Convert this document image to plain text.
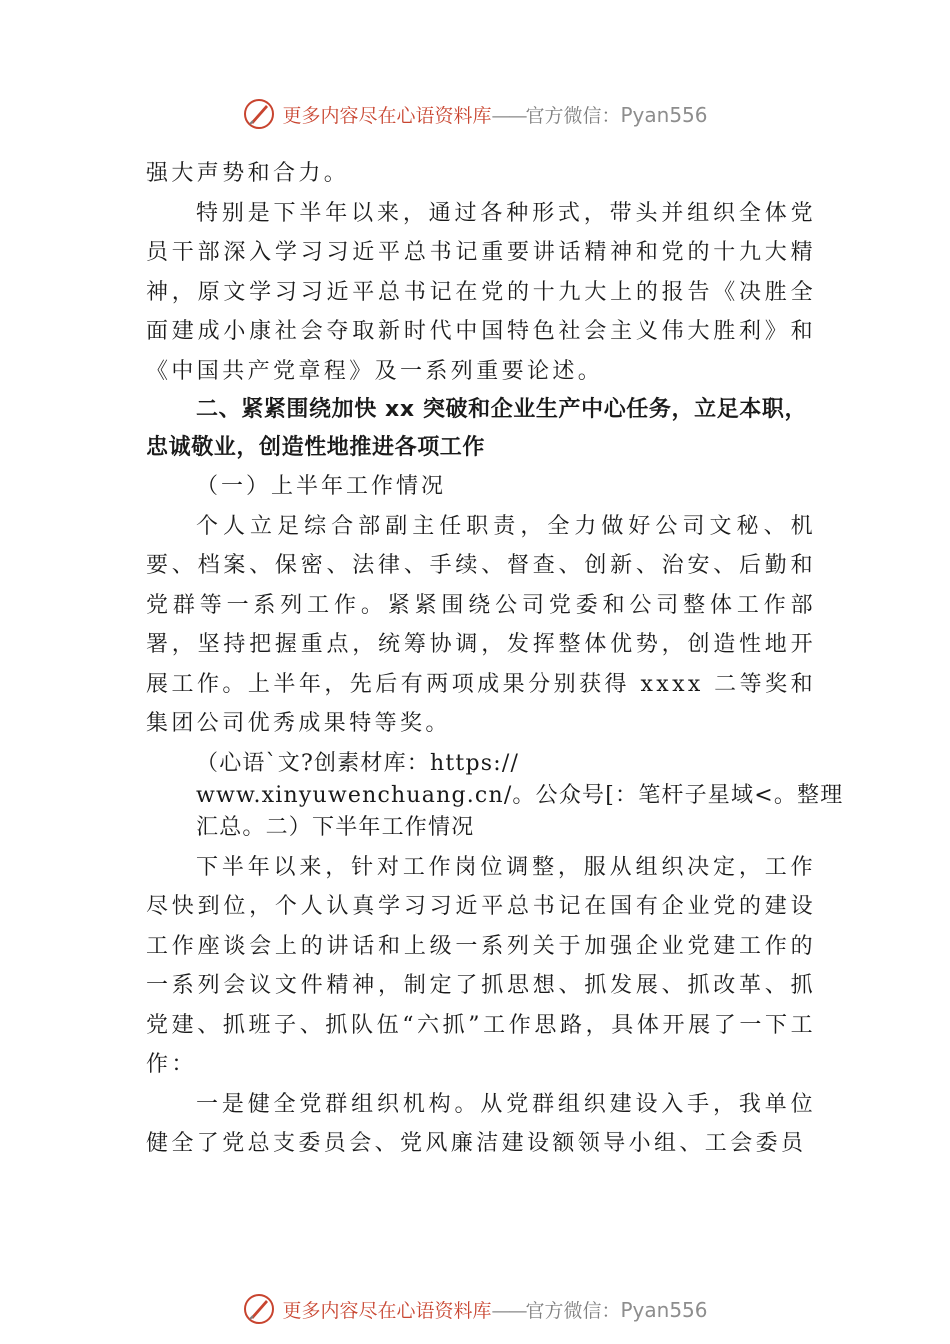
更多内容尽在心语资料库——官方微信：Pyan556

强大声势和合力。

特别是下半年以来，通过各种形式，带头并组织全体党员干部深入学习习近平总书记重要讲话精神和党的十九大精神，原文学习习近平总书记在党的十九大上的报告《决胜全面建成小康社会夺取新时代中国特色社会主义伟大胜利》和《中国共产党章程》及一系列重要论述。

二、紧紧围绕加快 xx 突破和企业生产中心任务，立足本职，忠诚敬业，创造性地推进各项工作

（一）上半年工作情况

个人立足综合部副主任职责，全力做好公司文秘、机要、档案、保密、法律、手续、督查、创新、治安、后勤和党群等一系列工作。紧紧围绕公司党委和公司整体工作部署，坚持把握重点，统筹协调，发挥整体优势，创造性地开展工作。上半年，先后有两项成果分别获得 xxxx 二等奖和集团公司优秀成果特等奖。

（心语`文?创素材库：https://

www.xinyuwenchuang.cn/。公众号[：笔杆子星域<。整理

汇总。二）下半年工作情况

下半年以来，针对工作岗位调整，服从组织决定，工作尽快到位，个人认真学习习近平总书记在国有企业党的建设工作座谈会上的讲话和上级一系列关于加强企业党建工作的一系列会议文件精神，制定了抓思想、抓发展、抓改革、抓党建、抓班子、抓队伍“六抓”工作思路，具体开展了一下工作：

一是健全党群组织机构。从党群组织建设入手，我单位健全了党总支委员会、党风廉洁建设额领导小组、工会委员

更多内容尽在心语资料库——官方微信：Pyan556
